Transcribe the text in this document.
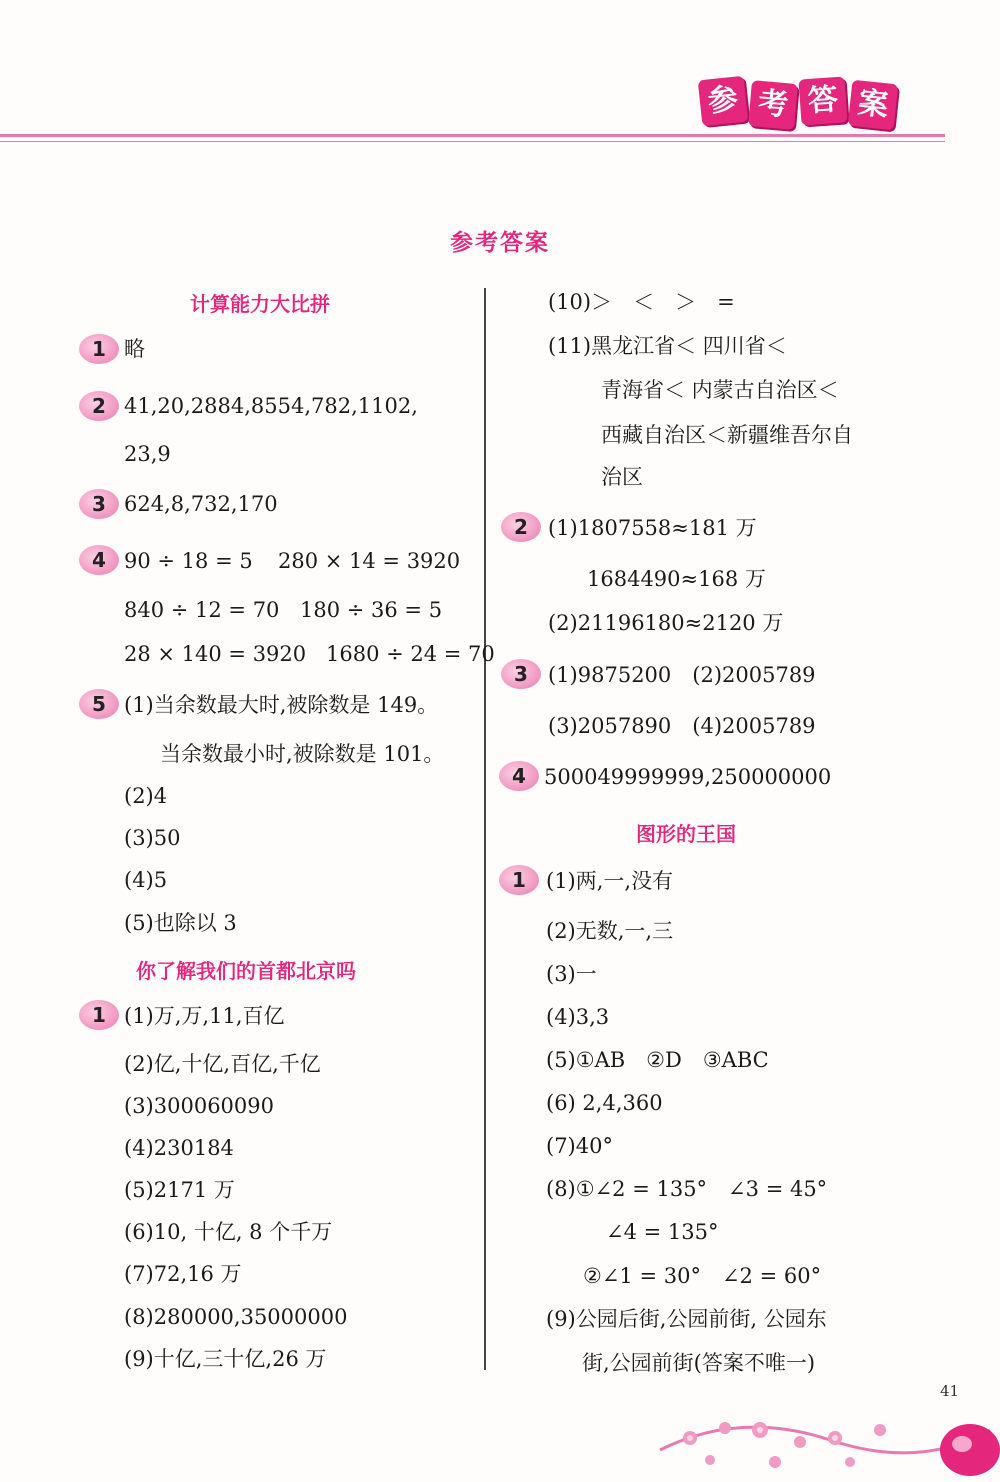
参 考 答 案
参考答案
计算能力大比拼
1 略
2 41,20,2884,8554,782,1102,
23,9
3 624,8,732,170
4 90 ÷ 18 = 5 280 × 14 = 3920
840 ÷ 12 = 70 180 ÷ 36 = 5
28 × 140 = 3920 1680 ÷ 24 = 70
5 (1)当余数最大时,被除数是 149。
当余数最小时,被除数是 101。
(2)4
(3)50
(4)5
(5)也除以 3
你了解我们的首都北京吗
1 (1)万,万,11,百亿
(2)亿,十亿,百亿,千亿
(3)300060090
(4)230184
(5)2171 万
(6)10, 十亿, 8 个千万
(7)72,16 万
(8)280000,35000000
(9)十亿,三十亿,26 万
(10)＞　＜　＞　=
(11)黑龙江省＜ 四川省＜
青海省＜ 内蒙古自治区＜
西藏自治区＜新疆维吾尔自
治区
2 (1)1807558≈181 万
1684490≈168 万
(2)21196180≈2120 万
3 (1)9875200　(2)2005789
(3)2057890　(4)2005789
4 500049999999,250000000
图形的王国
1 (1)两,一,没有
(2)无数,一,三
(3)一
(4)3,3
(5)①AB　②D　③ABC
(6) 2,4,360
(7)40°
(8)①∠2 = 135°　∠3 = 45°
∠4 = 135°
②∠1 = 30°　∠2 = 60°
(9)公园后街,公园前街, 公园东
街,公园前街(答案不唯一)
41
